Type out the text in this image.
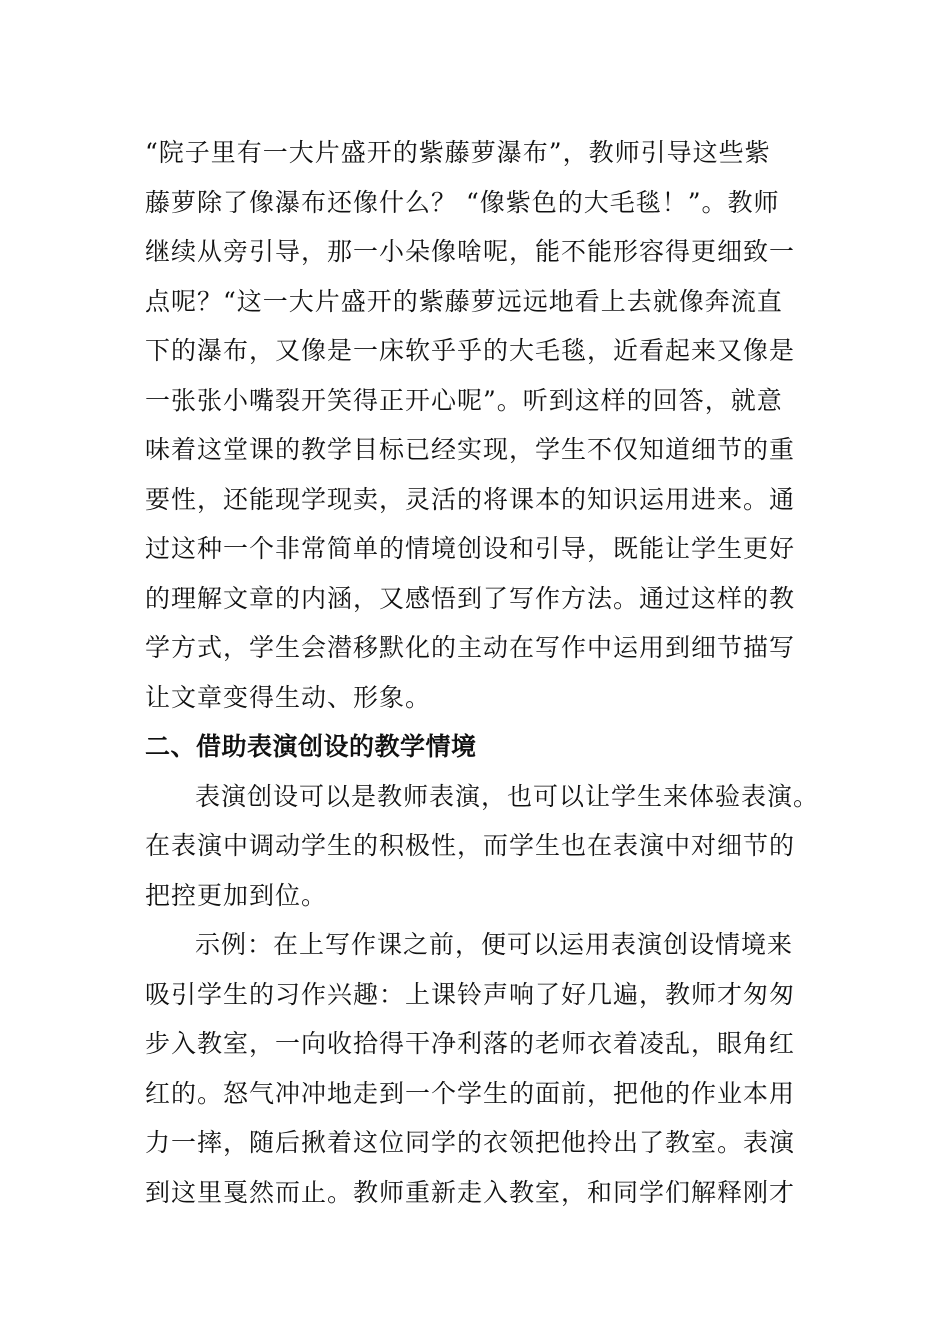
“院子里有一大片盛开的紫藤萝瀑布”，教师引导这些紫
藤萝除了像瀑布还像什么？ “像紫色的大毛毯！”。教师
继续从旁引导，那一小朵像啥呢，能不能形容得更细致一
点呢？“这一大片盛开的紫藤萝远远地看上去就像奔流直
下的瀑布，又像是一床软乎乎的大毛毯，近看起来又像是
一张张小嘴裂开笑得正开心呢”。听到这样的回答，就意
味着这堂课的教学目标已经实现，学生不仅知道细节的重
要性，还能现学现卖，灵活的将课本的知识运用进来。通
过这种一个非常简单的情境创设和引导，既能让学生更好
的理解文章的内涵，又感悟到了写作方法。通过这样的教
学方式，学生会潜移默化的主动在写作中运用到细节描写
让文章变得生动、形象。
二、借助表演创设的教学情境
表演创设可以是教师表演，也可以让学生来体验表演。
在表演中调动学生的积极性，而学生也在表演中对细节的
把控更加到位。
示例：在上写作课之前，便可以运用表演创设情境来
吸引学生的习作兴趣：上课铃声响了好几遍，教师才匆匆
步入教室，一向收拾得干净利落的老师衣着凌乱，眼角红
红的。怒气冲冲地走到一个学生的面前，把他的作业本用
力一摔，随后揪着这位同学的衣领把他拎出了教室。表演
到这里戛然而止。教师重新走入教室，和同学们解释刚才
